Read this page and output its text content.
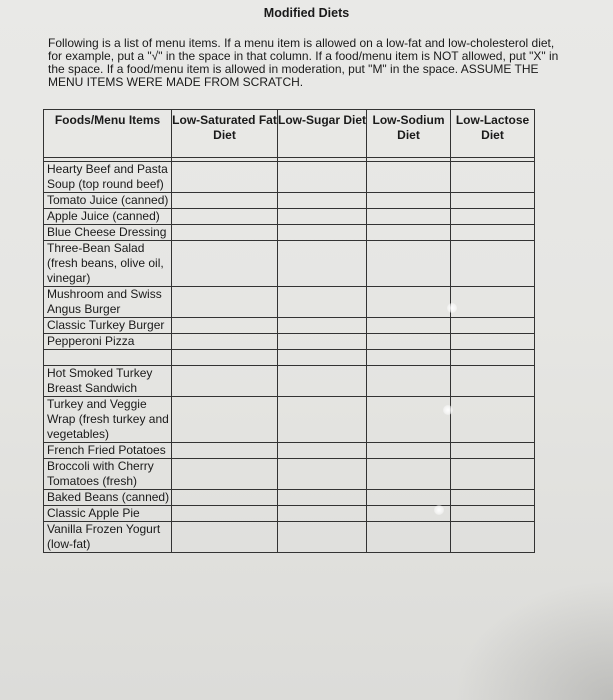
Modified Diets

Following is a list of menu items. If a menu item is allowed on a low-fat and low-cholesterol diet, for example, put a "√" in the space in that column. If a food/menu item is NOT allowed, put "X" in the space. If a food/menu item is allowed in moderation, put "M" in the space. ASSUME THE MENU ITEMS WERE MADE FROM SCRATCH.

Foods/Menu Items	Low-Saturated Fat Diet	Low-Sugar Diet	Low-Sodium Diet	Low-Lactose Diet

Hearty Beef and Pasta Soup (top round beef)				
Tomato Juice (canned)				
Apple Juice (canned)				
Blue Cheese Dressing				
Three-Bean Salad (fresh beans, olive oil, vinegar)				
Mushroom and Swiss Angus Burger				
Classic Turkey Burger				
Pepperoni Pizza				

Hot Smoked Turkey Breast Sandwich				
Turkey and Veggie Wrap (fresh turkey and vegetables)				
French Fried Potatoes				
Broccoli with Cherry Tomatoes (fresh)				
Baked Beans (canned)				
Classic Apple Pie				
Vanilla Frozen Yogurt (low-fat)				
